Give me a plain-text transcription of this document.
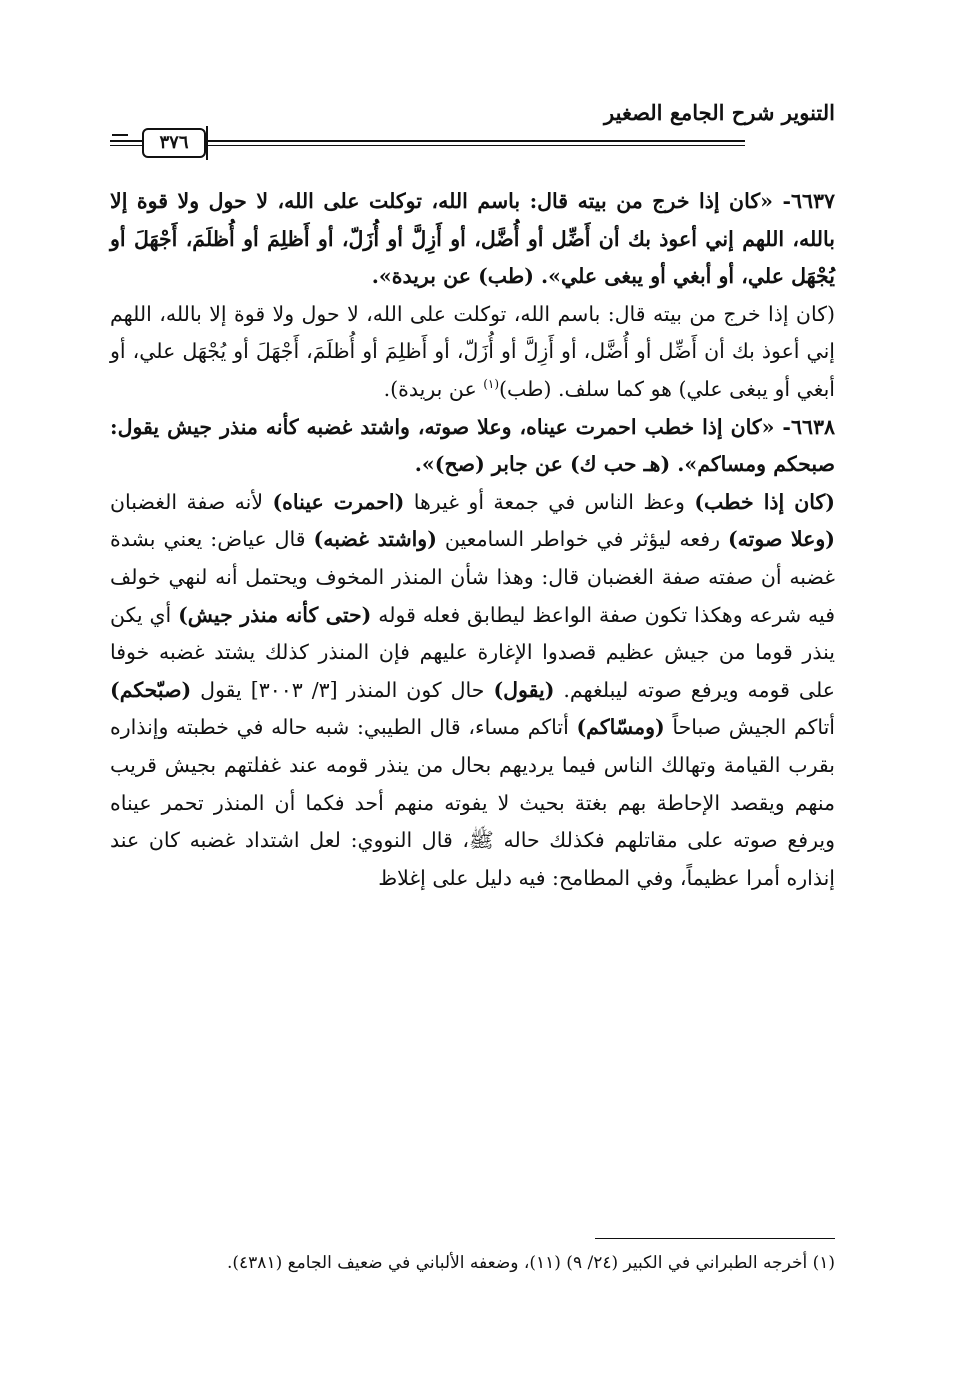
التنوير شرح الجامع الصغير
٣٧٦

٦٦٣٧- «كان إذا خرج من بيته قال: باسم الله، توكلت على الله، لا حول ولا قوة إلا بالله، اللهم إني أعوذ بك أن أَضِّل أو أُضَّل، أو أَزِلَّ أو أُزَلّ، أو أَظلِمَ أو أُظلَمَ، أَجْهَلَ أو يُجْهَل علي، أو أبغي أو يبغى علي». (طب) عن بريدة».

(كان إذا خرج من بيته قال: باسم الله، توكلت على الله، لا حول ولا قوة إلا بالله، اللهم إني أعوذ بك أن أَضِّل أو أُضَّل، أو أَزِلَّ أو أُزَلّ، أو أَظلِمَ أو أُظلَمَ، أَجْهَلَ أو يُجْهَل علي، أو أبغي أو يبغى علي) هو كما سلف. (طب)$^{(١)}$ عن بريدة).

٦٦٣٨- «كان إذا خطب احمرت عيناه، وعلا صوته، واشتد غضبه كأنه منذر جيش يقول: صبحكم ومساكم». (هـ حب ك) عن جابر (صح)».

(كان إذا خطب) وعظ الناس في جمعة أو غيرها (احمرت عيناه) لأنه صفة الغضبان (وعلا صوته) رفعه ليؤثر في خواطر السامعين (واشتد غضبه) قال عياض: يعني بشدة غضبه أن صفته صفة الغضبان قال: وهذا شأن المنذر المخوف ويحتمل أنه لنهي خولف فيه شرعه وهكذا تكون صفة الواعظ ليطابق فعله قوله (حتى كأنه منذر جيش) أي يكن ينذر قوما من جيش عظيم قصدوا الإغارة عليهم فإن المنذر كذلك يشتد غضبه خوفا على قومه ويرفع صوته ليبلغهم. (يقول) حال كون المنذر [٣/ ٣٠٠٣] يقول (صبّحكم) أتاكم الجيش صباحاً (ومسّاكم) أتاكم مساء، قال الطيبي: شبه حاله في خطبته وإنذاره بقرب القيامة وتهالك الناس فيما يرديهم بحال من ينذر قومه عند غفلتهم بجيش قريب منهم ويقصد الإحاطة بهم بغتة بحيث لا يفوته منهم أحد فكما أن المنذر تحمر عيناه ويرفع صوته على مقاتلهم فكذلك حاله ﷺ، قال النووي: لعل اشتداد غضبه كان عند إنذاره أمرا عظيماً، وفي المطامح: فيه دليل على إغلاظ

(١) أخرجه الطبراني في الكبير (٢٤/ ٩) (١١)، وضعفه الألباني في ضعيف الجامع (٤٣٨١).
